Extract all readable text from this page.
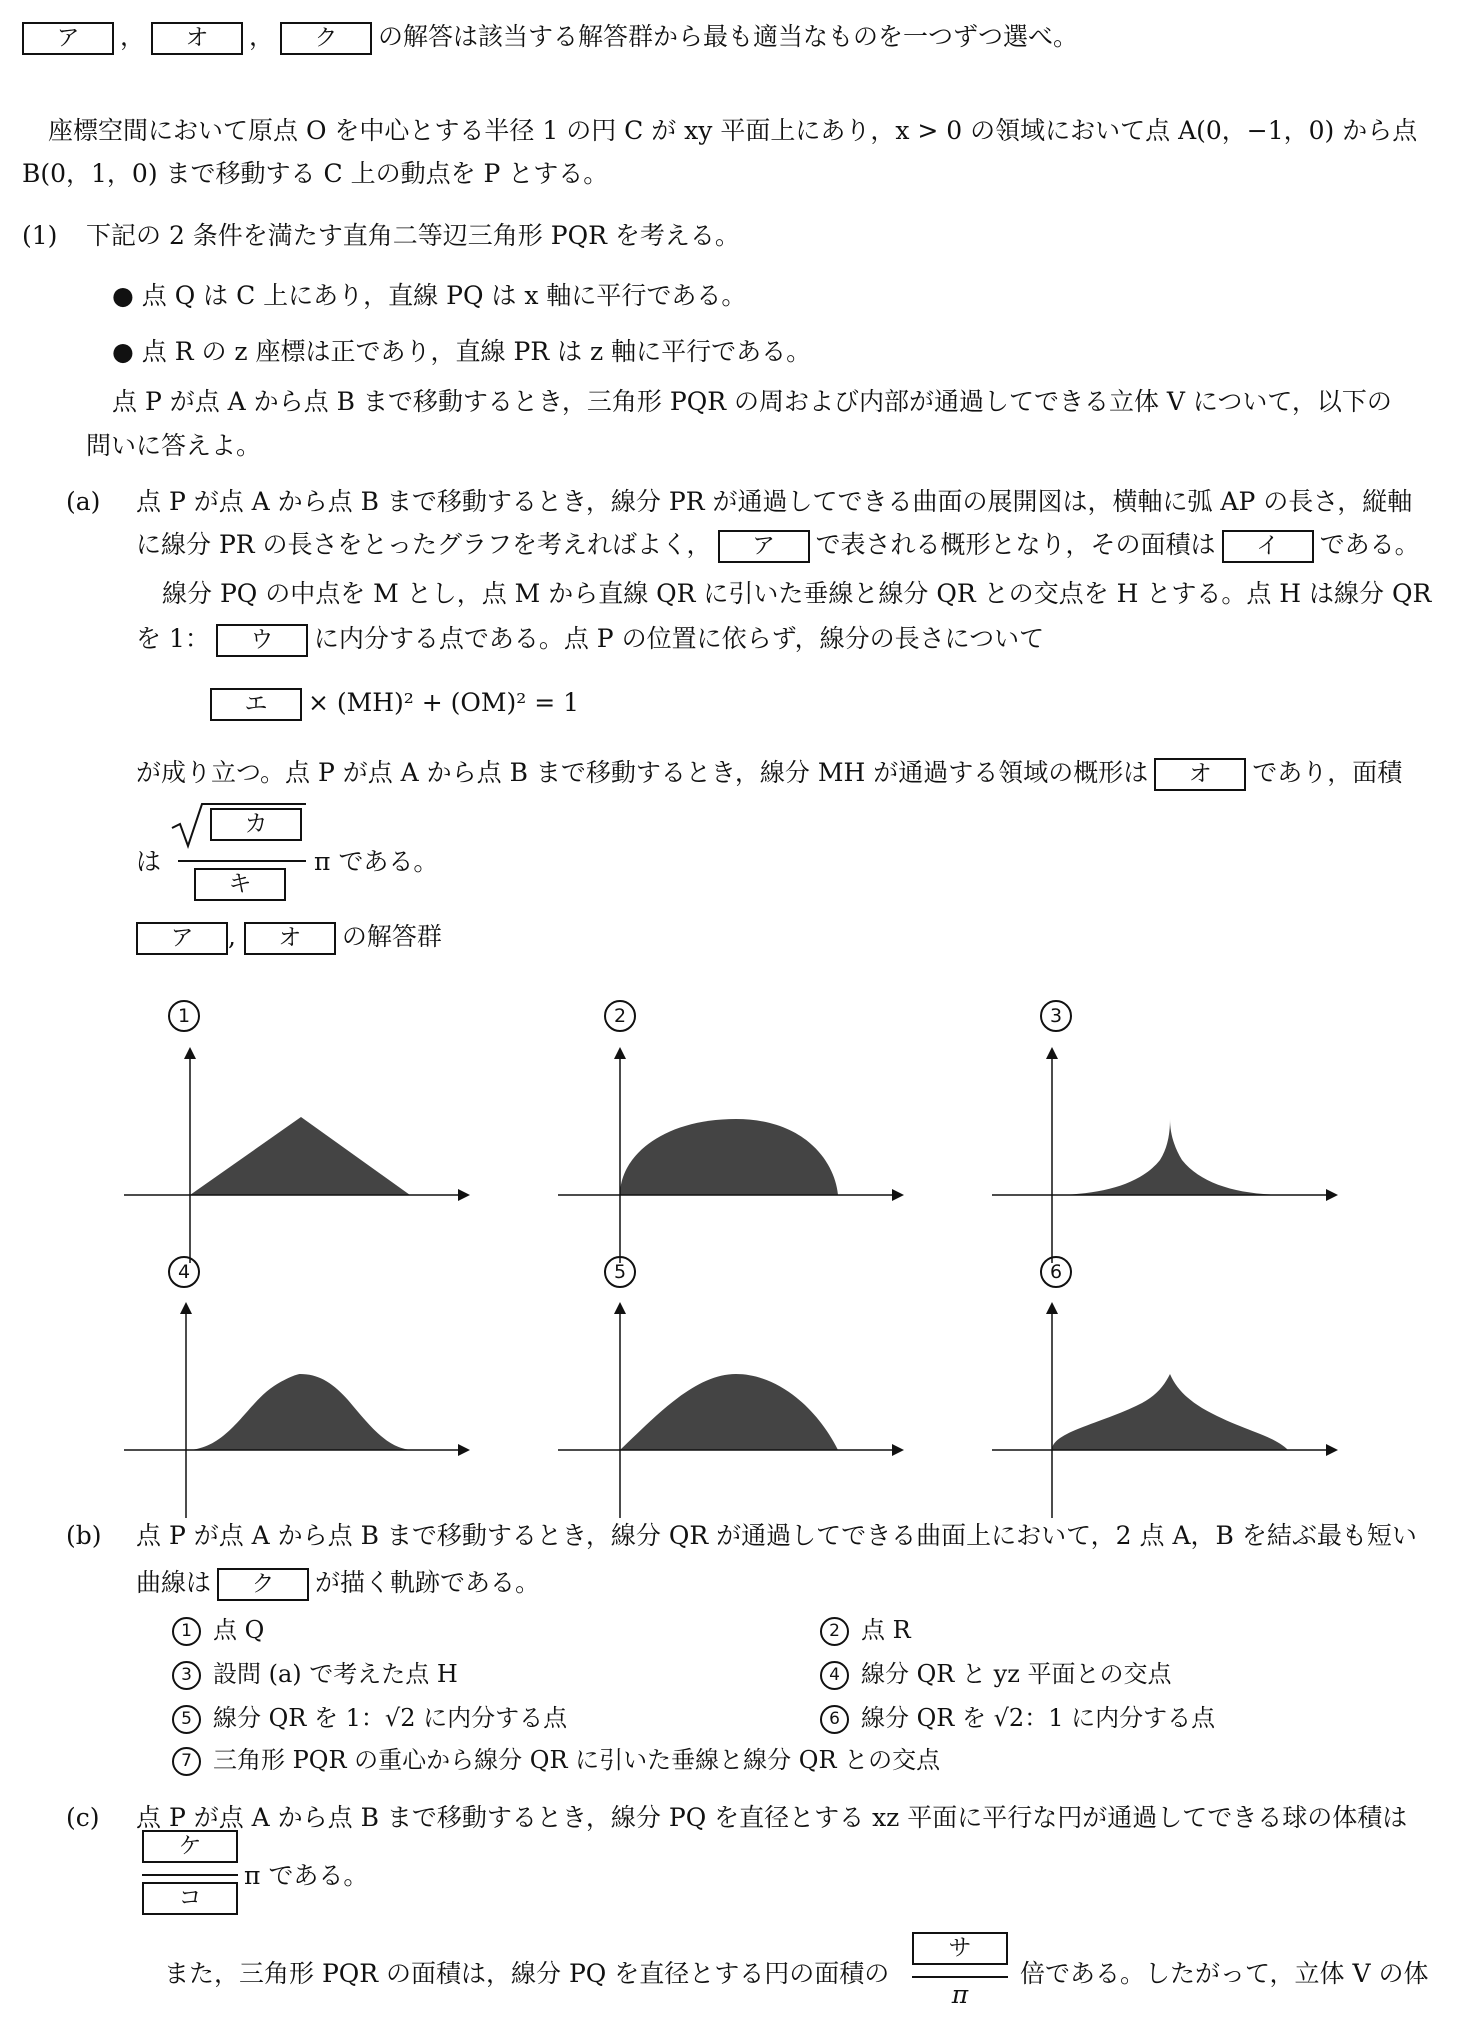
ア ， オ ， ク の解答は該当する解答群から最も適当なものを一つずつ選べ。
座標空間において原点 O を中心とする半径 1 の円 C が xy 平面上にあり，x > 0 の領域において点 A(0，−1，0) から点
B(0，1，0) まで移動する C 上の動点を P とする。
(1) 下記の 2 条件を満たす直角二等辺三角形 PQR を考える。
● 点 Q は C 上にあり，直線 PQ は x 軸に平行である。
● 点 R の z 座標は正であり，直線 PR は z 軸に平行である。
点 P が点 A から点 B まで移動するとき，三角形 PQR の周および内部が通過してできる立体 V について，以下の
問いに答えよ。
(a) 点 P が点 A から点 B まで移動するとき，線分 PR が通過してできる曲面の展開図は，横軸に弧 AP の長さ，縦軸
に線分 PR の長さをとったグラフを考えればよく， ア で表される概形となり，その面積は イ である。
線分 PQ の中点を M とし，点 M から直線 QR に引いた垂線と線分 QR との交点を H とする。点 H は線分 QR
を 1： ウ に内分する点である。点 P の位置に依らず，線分の長さについて
エ × (MH)² + (OM)² = 1
が成り立つ。点 P が点 A から点 B まで移動するとき，線分 MH が通過する領域の概形は オ であり，面積
は
カ
キ
π である。
ア , オ の解答群
1	2	3
4	5	6
(b) 点 P が点 A から点 B まで移動するとき，線分 QR が通過してできる曲面上において，2 点 A，B を結ぶ最も短い
曲線は ク が描く軌跡である。
1 点 Q	2 点 R
3 設問 (a) で考えた点 H	4 線分 QR と yz 平面との交点
5 線分 QR を 1：√2 に内分する点	6 線分 QR を √2：1 に内分する点
7 三角形 PQR の重心から線分 QR に引いた垂線と線分 QR との交点
(c) 点 P が点 A から点 B まで移動するとき，線分 PQ を直径とする xz 平面に平行な円が通過してできる球の体積は
ケ
コ
π である。
また，三角形 PQR の面積は，線分 PQ を直径とする円の面積の
サ
π
倍である。したがって，立体 V の体
